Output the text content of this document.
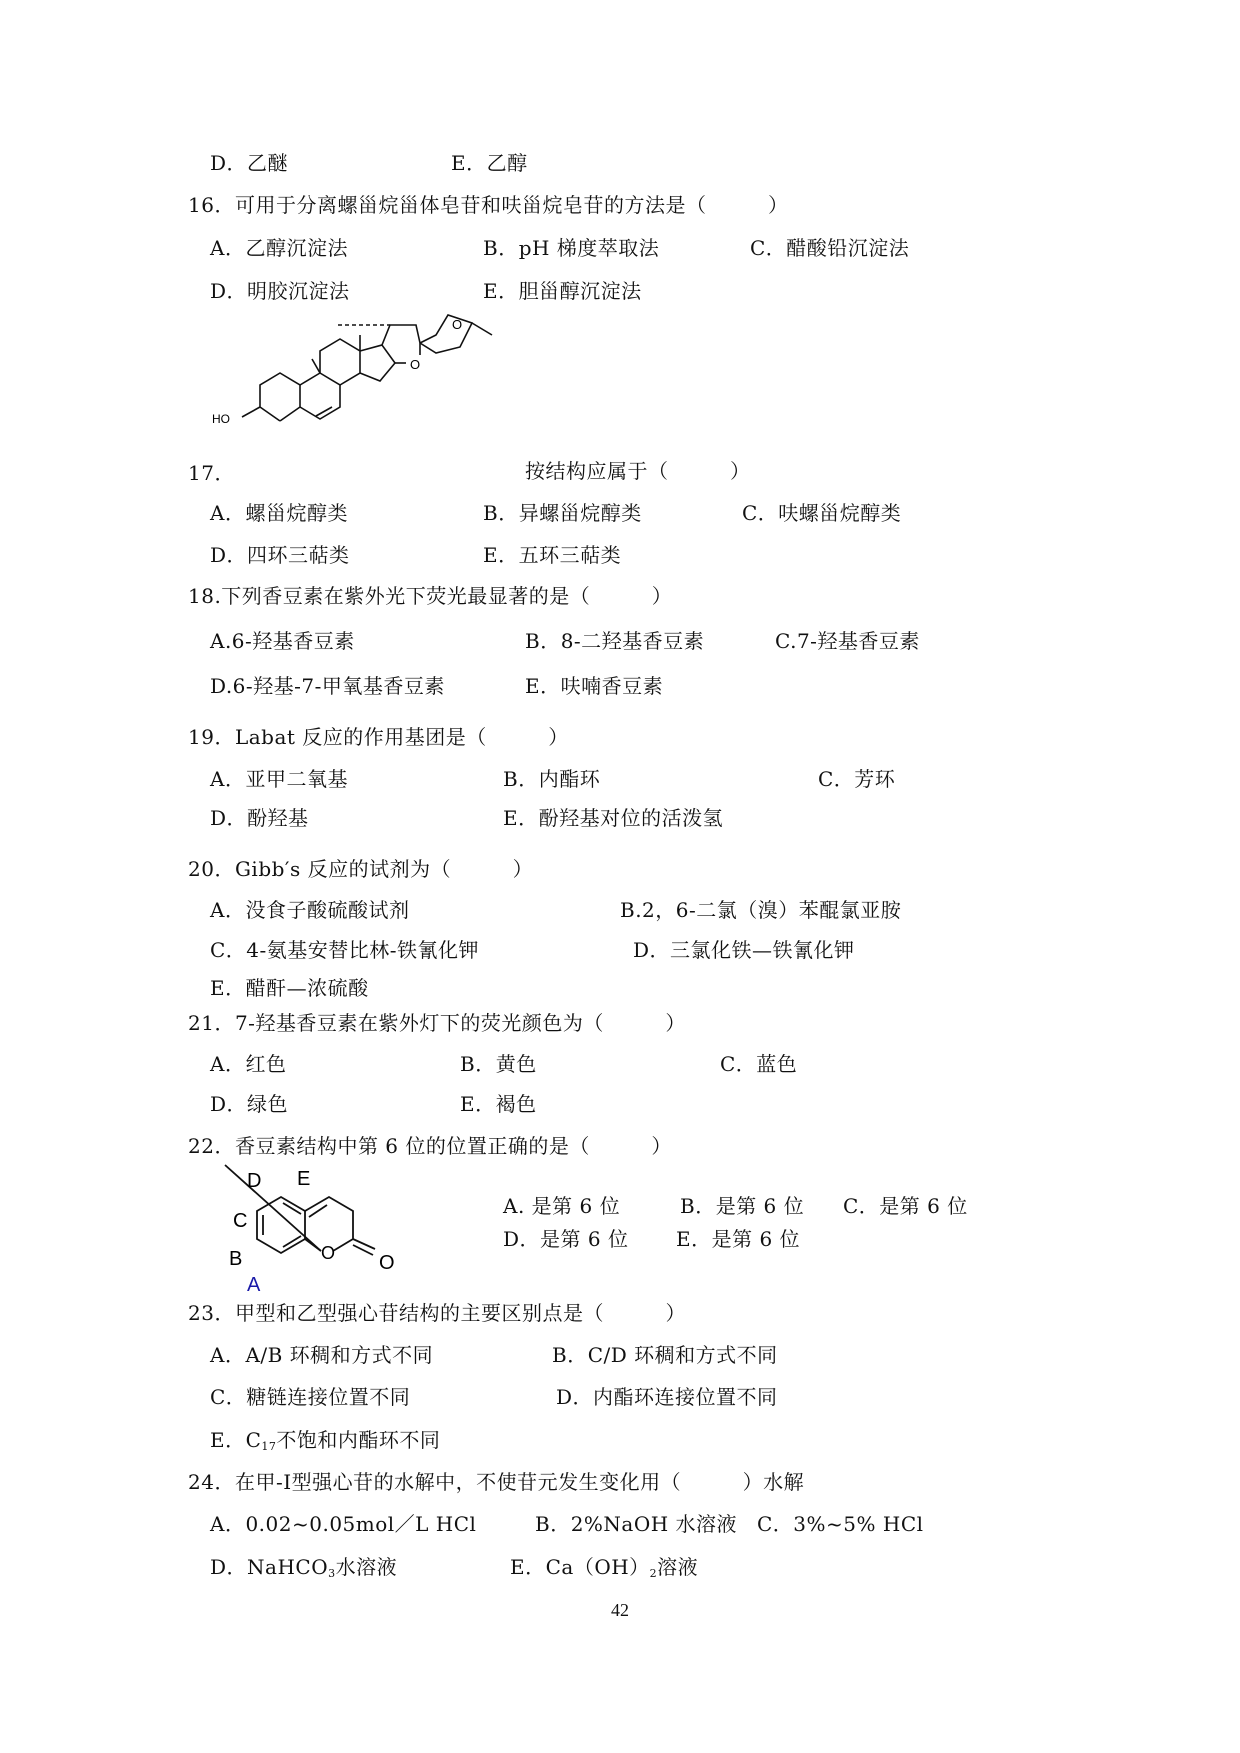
D．乙醚	E．乙醇
16．可用于分离螺甾烷甾体皂苷和呋甾烷皂苷的方法是（　　　）
A．乙醇沉淀法	B．pH 梯度萃取法	C．醋酸铅沉淀法
D．明胶沉淀法	E．胆甾醇沉淀法
HO
O
O
17．	按结构应属于（　　　）
A．螺甾烷醇类	B．异螺甾烷醇类	C．呋螺甾烷醇类
D．四环三萜类	E．五环三萜类
18.下列香豆素在紫外光下荧光最显著的是（　　　）
A.6-羟基香豆素	B．8-二羟基香豆素	C.7-羟基香豆素
D.6-羟基-7-甲氧基香豆素	E．呋喃香豆素
19．Labat 反应的作用基团是（　　　）
A．亚甲二氧基	B．内酯环	C．芳环
D．酚羟基	E．酚羟基对位的活泼氢
20．Gibb′s 反应的试剂为（　　　）
A．没食子酸硫酸试剂	B.2，6-二氯（溴）苯醌氯亚胺
C．4-氨基安替比林-铁氰化钾	D．三氯化铁—铁氰化钾
E．醋酐—浓硫酸
21．7-羟基香豆素在紫外灯下的荧光颜色为（　　　）
A．红色	B．黄色	C．蓝色
D．绿色	E．褐色
22．香豆素结构中第 6 位的位置正确的是（　　　）
D E
C
B
A
O O
A. 是第 6 位	B．是第 6 位 C．是第 6 位
D．是第 6 位 E．是第 6 位
23．甲型和乙型强心苷结构的主要区别点是（　　　）
A．A/B 环稠和方式不同	B．C/D 环稠和方式不同
C．糖链连接位置不同	D．内酯环连接位置不同
E．$C_{17}$不饱和内酯环不同
24．在甲-Ⅰ型强心苷的水解中，不使苷元发生变化用（　　　）水解
A．0.02~0.05mol／L HCl	B．2%NaOH 水溶液 C．3%~5% HCl
D．NaHCO$_3$水溶液	E．$Ca(OH)_2$溶液
42
